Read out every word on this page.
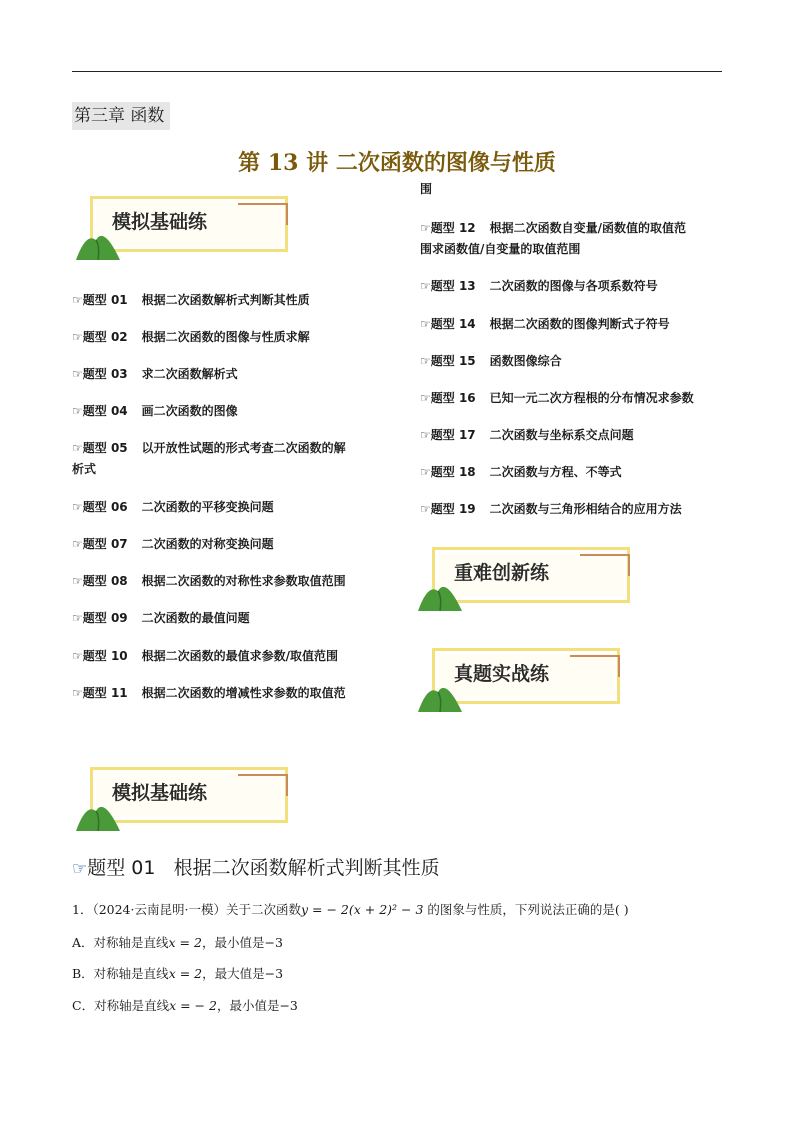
第三章 函数
第 13 讲 二次函数的图像与性质
模拟基础练
重难创新练
真题实战练
模拟基础练
☞题型 01 根据二次函数解析式判断其性质
☞题型 02 根据二次函数的图像与性质求解
☞题型 03 求二次函数解析式
☞题型 04 画二次函数的图像
☞题型 05 以开放性试题的形式考查二次函数的解
析式
☞题型 06 二次函数的平移变换问题
☞题型 07 二次函数的对称变换问题
☞题型 08 根据二次函数的对称性求参数取值范围
☞题型 09 二次函数的最值问题
☞题型 10 根据二次函数的最值求参数/取值范围
☞题型 11 根据二次函数的增减性求参数的取值范
围
☞题型 12 根据二次函数自变量/函数值的取值范
围求函数值/自变量的取值范围
☞题型 13 二次函数的图像与各项系数符号
☞题型 14 根据二次函数的图像判断式子符号
☞题型 15 函数图像综合
☞题型 16 已知一元二次方程根的分布情况求参数
☞题型 17 二次函数与坐标系交点问题
☞题型 18 二次函数与方程、不等式
☞题型 19 二次函数与三角形相结合的应用方法
☞题型 01 根据二次函数解析式判断其性质
1．（2024·云南昆明·一模）关于二次函数y = − 2(x + 2)² − 3 的图象与性质，下列说法正确的是( )
A．对称轴是直线x = 2，最小值是−3
B．对称轴是直线x = 2，最大值是−3
C．对称轴是直线x = − 2，最小值是−3
